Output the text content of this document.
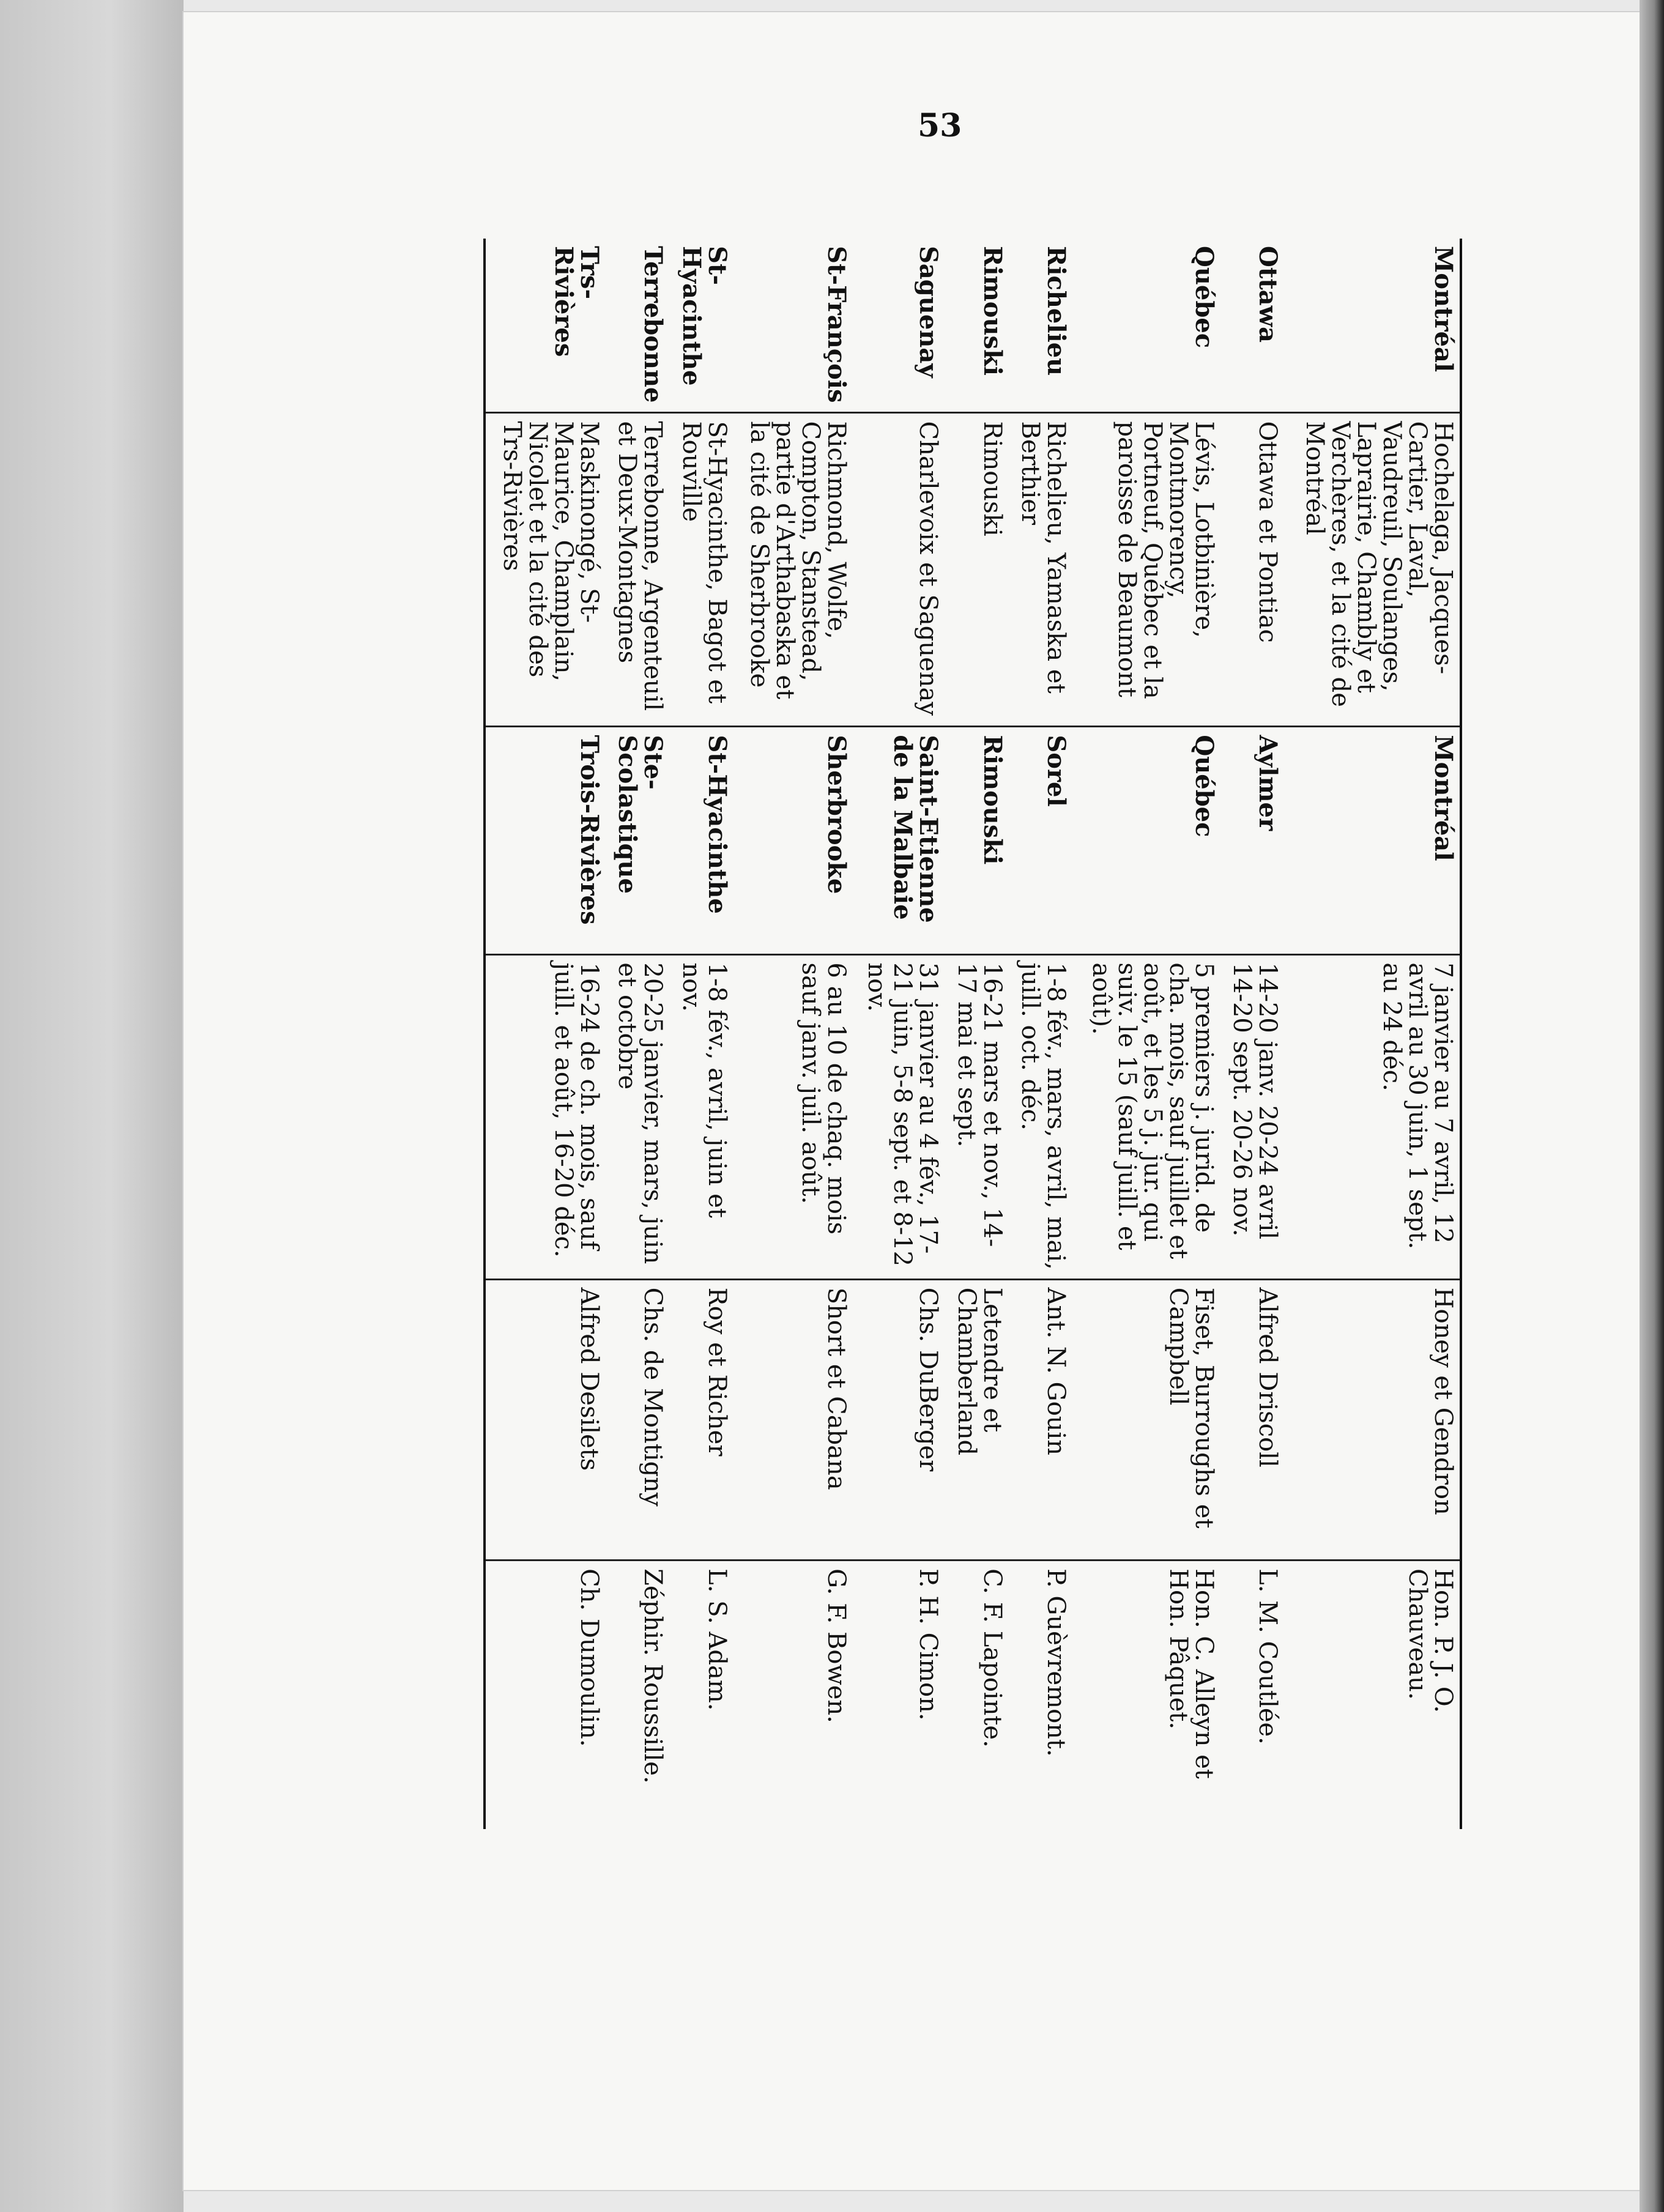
53

Montréal	Hochelaga, Jacques-Cartier, Laval, Vaudreuil, Soulanges, Laprairie, Chambly et Verchères, et la cité de Montréal	Montréal	7 janvier au 7 avril, 12 avril au 30 juin, 1 sept. au 24 déc.	Honey et Gendron	Hon. P. J. O. Chauveau.
Ottawa	Ottawa et Pontiac	Aylmer	14-20 janv. 20-24 avril 14-20 sept. 20-26 nov.	Alfred Driscoll	L. M. Coutlée.
Québec	Lévis, Lotbinière, Montmorency, Portneuf, Québec et la paroisse de Beaumont	Québec	5 premiers j. jurid. de cha. mois, sauf juillet et août, et les 5 j. jur. qui suiv. le 15 (sauf juill. et août).	Fiset, Burroughs et Campbell	Hon. C. Alleyn et Hon. Pâquet.
Richelieu	Richelieu, Yamaska et Berthier	Sorel	1-8 fév., mars, avril, mai, juill. oct. déc.	Ant. N. Gouin	P. Guèvremont.
Rimouski	Rimouski	Rimouski	16-21 mars et nov., 14-17 mai et sept.	Letendre et Chamberland	C. F. Lapointe.
Saguenay	Charlevoix et Saguenay	Saint-Etienne de la Malbaie	31 janvier au 4 fév., 17-21 juin, 5-8 sept. et 8-12 nov.	Chs. DuBerger	P. H. Cimon.
St-François	Richmond, Wolfe, Compton, Stanstead, partie d'Arthabaska et la cité de Sherbrooke	Sherbrooke	6 au 10 de chaq. mois sauf janv. juil. août.	Short et Cabana	G. F. Bowen.
St-Hyacinthe	St-Hyacinthe, Bagot et Rouville	St-Hyacinthe	1-8 fév., avril, juin et nov.	Roy et Richer	L. S. Adam.
Terrebonne	Terrebonne, Argenteuil et Deux-Montagnes	Ste-Scolastique	20-25 janvier, mars, juin et octobre	Chs. de Montigny	Zéphir. Roussille.
Trs-Rivières	Maskinongé, St-Maurice, Champlain, Nicolet et la cité des Trs-Rivières	Trois-Rivières	16-24 de ch. mois, sauf juill. et août, 16-20 déc.	Alfred Desilets	Ch. Dumoulin.
